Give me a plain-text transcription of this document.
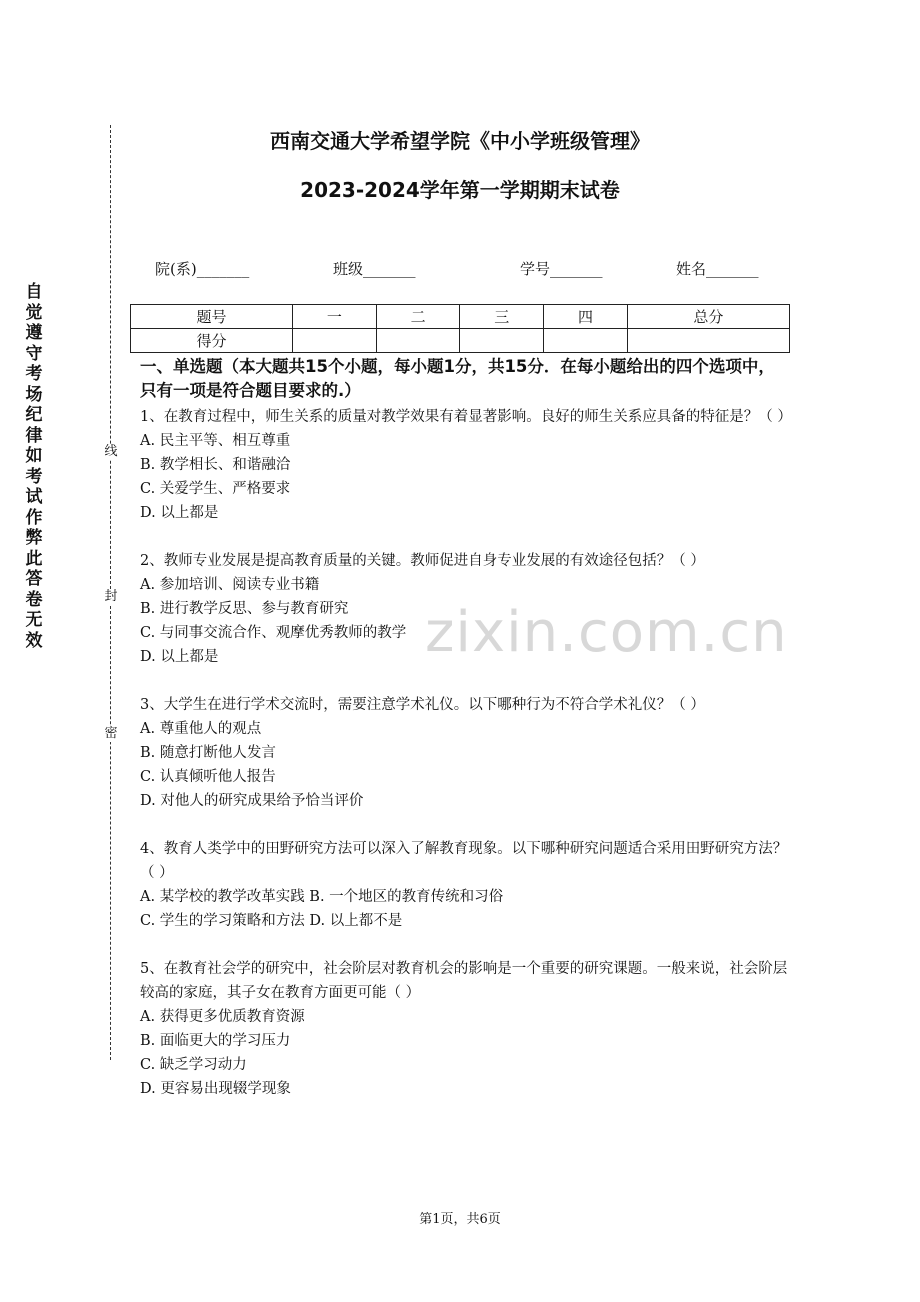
自觉遵守考场纪律如考试作弊此答卷无效
线
封
密
西南交通大学希望学院《中小学班级管理》
2023-2024学年第一学期期末试卷
院(系)_______	班级_______	学号_______	姓名_______
题号	一	二	三	四	总分
得分					
一、单选题（本大题共15个小题，每小题1分，共15分．在每小题给出的四个选项中，只有一项是符合题目要求的.）

1、在教育过程中，师生关系的质量对教学效果有着显著影响。良好的师生关系应具备的特征是？（ ）

A. 民主平等、相互尊重

B. 教学相长、和谐融洽

C. 关爱学生、严格要求

D. 以上都是

2、教师专业发展是提高教育质量的关键。教师促进自身专业发展的有效途径包括？（ ）

A. 参加培训、阅读专业书籍

B. 进行教学反思、参与教育研究

C. 与同事交流合作、观摩优秀教师的教学

D. 以上都是

3、大学生在进行学术交流时，需要注意学术礼仪。以下哪种行为不符合学术礼仪？（ ）

A. 尊重他人的观点

B. 随意打断他人发言

C. 认真倾听他人报告

D. 对他人的研究成果给予恰当评价

4、教育人类学中的田野研究方法可以深入了解教育现象。以下哪种研究问题适合采用田野研究方法？（ ）

A. 某学校的教学改革实践 B. 一个地区的教育传统和习俗

C. 学生的学习策略和方法 D. 以上都不是

5、在教育社会学的研究中，社会阶层对教育机会的影响是一个重要的研究课题。一般来说，社会阶层较高的家庭，其子女在教育方面更可能（ ）

A. 获得更多优质教育资源

B. 面临更大的学习压力

C. 缺乏学习动力

D. 更容易出现辍学现象

zixin.com.cn
第1页，共6页
